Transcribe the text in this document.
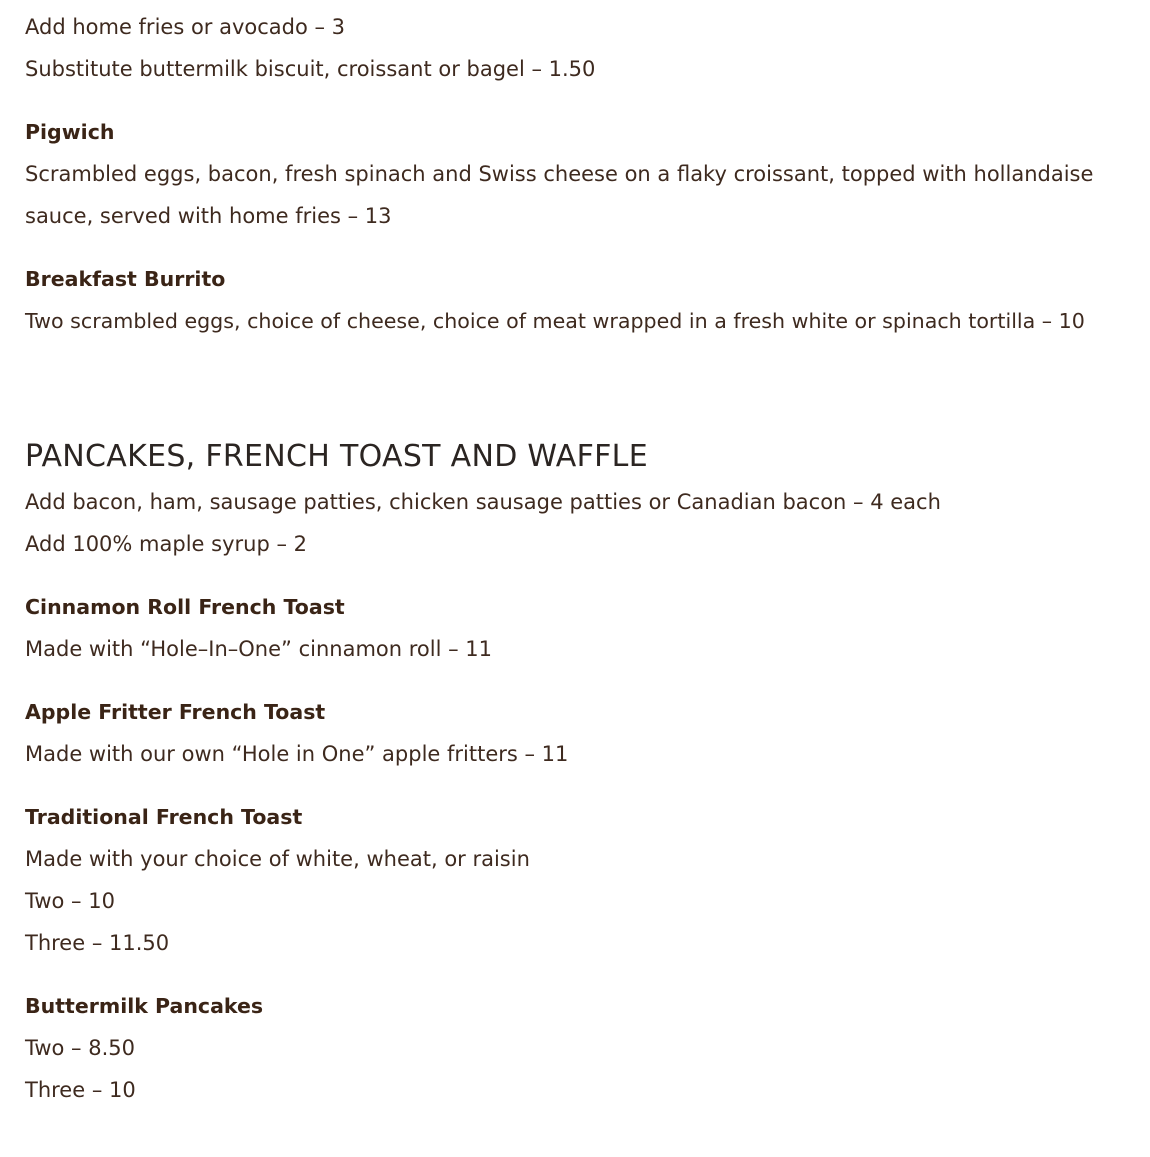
Add home fries or avocado – 3
Substitute buttermilk biscuit, croissant or bagel – 1.50
Pigwich
Scrambled eggs, bacon, fresh spinach and Swiss cheese on a flaky croissant, topped with hollandaise sauce, served with home fries – 13
Breakfast Burrito
Two scrambled eggs, choice of cheese, choice of meat wrapped in a fresh white or spinach tortilla – 10
PANCAKES, FRENCH TOAST AND WAFFLE
Add bacon, ham, sausage patties, chicken sausage patties or Canadian bacon – 4 each
Add 100% maple syrup – 2
Cinnamon Roll French Toast
Made with “Hole–In–One” cinnamon roll – 11
Apple Fritter French Toast
Made with our own “Hole in One” apple fritters – 11
Traditional French Toast
Made with your choice of white, wheat, or raisin
Two – 10
Three – 11.50
Buttermilk Pancakes
Two – 8.50
Three – 10
